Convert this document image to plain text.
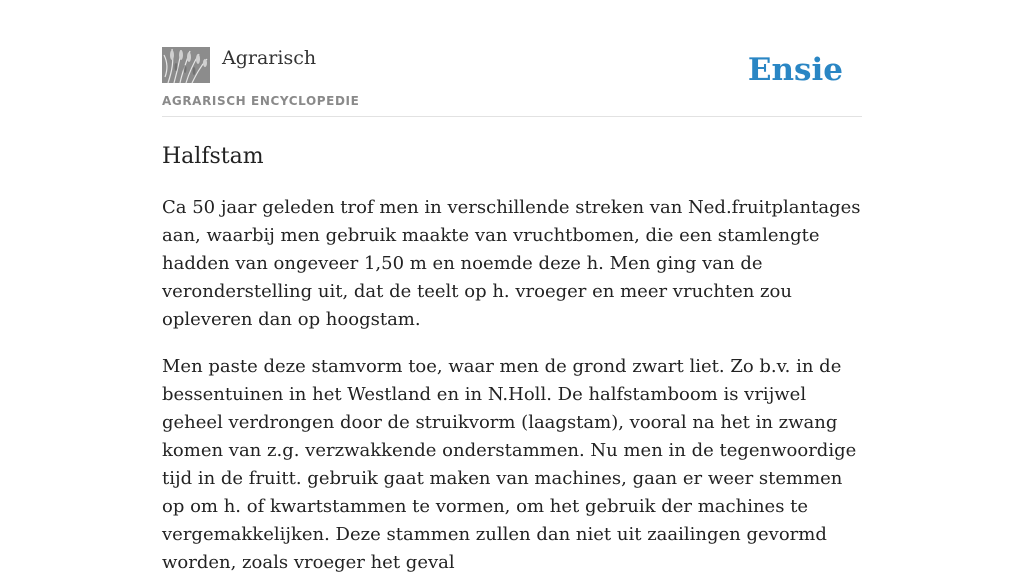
Agrarisch
AGRARISCH ENCYCLOPEDIE
Ensie
Halfstam

Ca 50 jaar geleden trof men in verschillende streken van Ned.fruitplantages aan, waarbij men gebruik maakte van vruchtbomen, die een stamlengte hadden van ongeveer 1,50 m en noemde deze h. Men ging van de veronderstelling uit, dat de teelt op h. vroeger en meer vruchten zou opleveren dan op hoogstam.

Men paste deze stamvorm toe, waar men de grond zwart liet. Zo b.v. in de bessentuinen in het Westland en in N.Holl. De halfstamboom is vrijwel geheel verdrongen door de struikvorm (laagstam), vooral na het in zwang komen van z.g. verzwakkende onderstammen. Nu men in de tegenwoordige tijd in de fruitt. gebruik gaat maken van machines, gaan er weer stemmen op om h. of kwartstammen te vormen, om het gebruik der machines te vergemakkelijken. Deze stammen zullen dan niet uit zaailingen gevormd worden, zoals vroeger het geval
